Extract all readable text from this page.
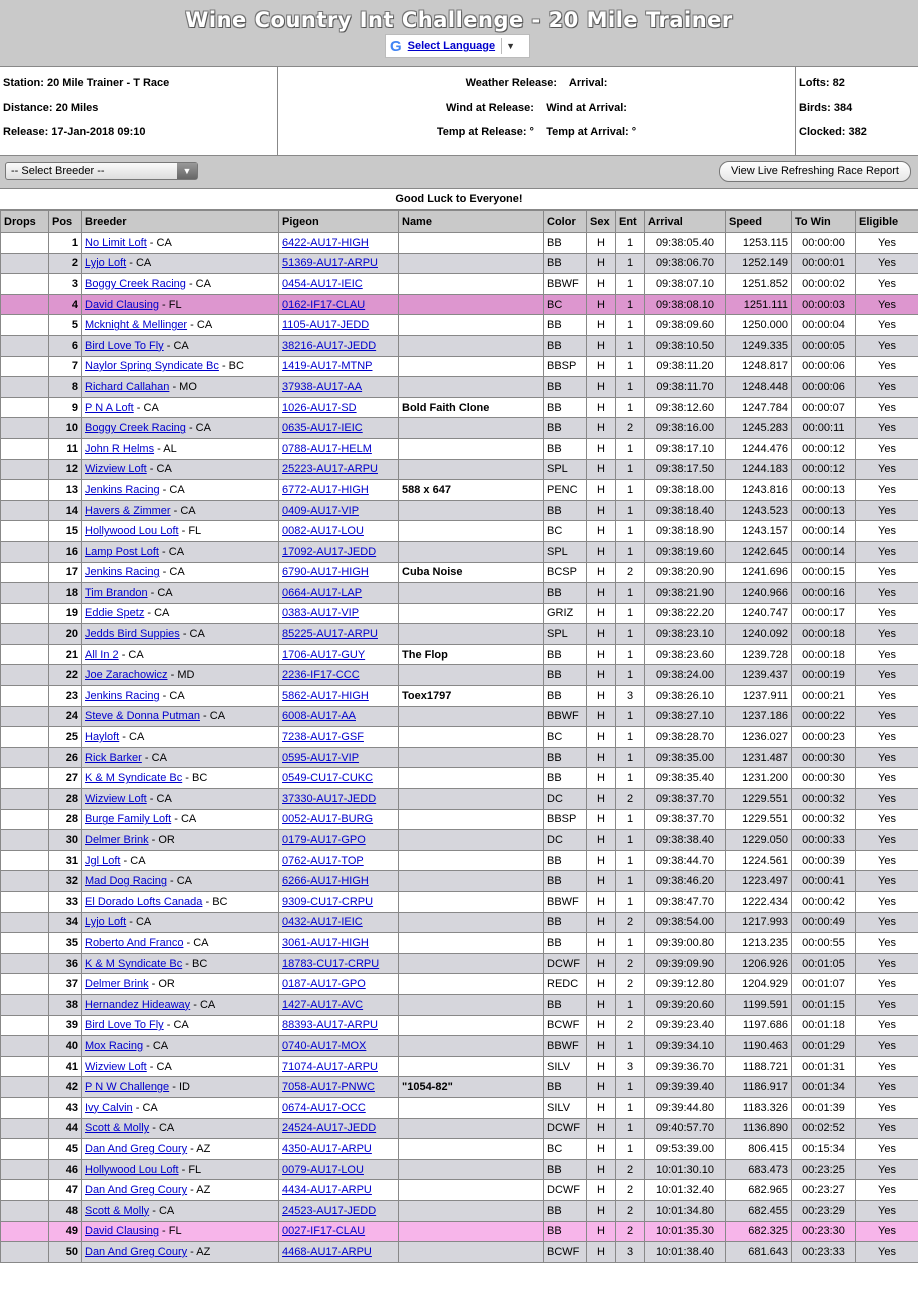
Wine Country Int Challenge - 20 Mile Trainer
G Select Language ▼
Station: 20 Mile Trainer - T Race
Distance: 20 Miles
Release: 17-Jan-2018 09:10
Weather Release: Arrival:
Wind at Release: Wind at Arrival:
Temp at Release: ° Temp at Arrival: °
Lofts: 82
Birds: 384
Clocked: 382
-- Select Breeder --	▼	View Live Refreshing Race Report
Good Luck to Everyone!
Drops	Pos	Breeder	Pigeon	Name	Color	Sex	Ent	Arrival	Speed	To Win	Eligible
	1	No Limit Loft - CA	6422-AU17-HIGH		BB	H	1	09:38:05.40	1253.115	00:00:00	Yes
	2	Lyjo Loft - CA	51369-AU17-ARPU		BB	H	1	09:38:06.70	1252.149	00:00:01	Yes
	3	Boggy Creek Racing - CA	0454-AU17-IEIC		BBWF	H	1	09:38:07.10	1251.852	00:00:02	Yes
	4	David Clausing - FL	0162-IF17-CLAU		BC	H	1	09:38:08.10	1251.111	00:00:03	Yes
	5	Mcknight & Mellinger - CA	1105-AU17-JEDD		BB	H	1	09:38:09.60	1250.000	00:00:04	Yes
	6	Bird Love To Fly - CA	38216-AU17-JEDD		BB	H	1	09:38:10.50	1249.335	00:00:05	Yes
	7	Naylor Spring Syndicate Bc - BC	1419-AU17-MTNP		BBSP	H	1	09:38:11.20	1248.817	00:00:06	Yes
	8	Richard Callahan - MO	37938-AU17-AA		BB	H	1	09:38:11.70	1248.448	00:00:06	Yes
	9	P N A Loft - CA	1026-AU17-SD	Bold Faith Clone	BB	H	1	09:38:12.60	1247.784	00:00:07	Yes
	10	Boggy Creek Racing - CA	0635-AU17-IEIC		BB	H	2	09:38:16.00	1245.283	00:00:11	Yes
	11	John R Helms - AL	0788-AU17-HELM		BB	H	1	09:38:17.10	1244.476	00:00:12	Yes
	12	Wizview Loft - CA	25223-AU17-ARPU		SPL	H	1	09:38:17.50	1244.183	00:00:12	Yes
	13	Jenkins Racing - CA	6772-AU17-HIGH	588 x 647	PENC	H	1	09:38:18.00	1243.816	00:00:13	Yes
	14	Havers & Zimmer - CA	0409-AU17-VIP		BB	H	1	09:38:18.40	1243.523	00:00:13	Yes
	15	Hollywood Lou Loft - FL	0082-AU17-LOU		BC	H	1	09:38:18.90	1243.157	00:00:14	Yes
	16	Lamp Post Loft - CA	17092-AU17-JEDD		SPL	H	1	09:38:19.60	1242.645	00:00:14	Yes
	17	Jenkins Racing - CA	6790-AU17-HIGH	Cuba Noise	BCSP	H	2	09:38:20.90	1241.696	00:00:15	Yes
	18	Tim Brandon - CA	0664-AU17-LAP		BB	H	1	09:38:21.90	1240.966	00:00:16	Yes
	19	Eddie Spetz - CA	0383-AU17-VIP		GRIZ	H	1	09:38:22.20	1240.747	00:00:17	Yes
	20	Jedds Bird Suppies - CA	85225-AU17-ARPU		SPL	H	1	09:38:23.10	1240.092	00:00:18	Yes
	21	All In 2 - CA	1706-AU17-GUY	The Flop	BB	H	1	09:38:23.60	1239.728	00:00:18	Yes
	22	Joe Zarachowicz - MD	2236-IF17-CCC		BB	H	1	09:38:24.00	1239.437	00:00:19	Yes
	23	Jenkins Racing - CA	5862-AU17-HIGH	Toex1797	BB	H	3	09:38:26.10	1237.911	00:00:21	Yes
	24	Steve & Donna Putman - CA	6008-AU17-AA		BBWF	H	1	09:38:27.10	1237.186	00:00:22	Yes
	25	Hayloft - CA	7238-AU17-GSF		BC	H	1	09:38:28.70	1236.027	00:00:23	Yes
	26	Rick Barker - CA	0595-AU17-VIP		BB	H	1	09:38:35.00	1231.487	00:00:30	Yes
	27	K & M Syndicate Bc - BC	0549-CU17-CUKC		BB	H	1	09:38:35.40	1231.200	00:00:30	Yes
	28	Wizview Loft - CA	37330-AU17-JEDD		DC	H	2	09:38:37.70	1229.551	00:00:32	Yes
	28	Burge Family Loft - CA	0052-AU17-BURG		BBSP	H	1	09:38:37.70	1229.551	00:00:32	Yes
	30	Delmer Brink - OR	0179-AU17-GPO		DC	H	1	09:38:38.40	1229.050	00:00:33	Yes
	31	Jgl Loft - CA	0762-AU17-TOP		BB	H	1	09:38:44.70	1224.561	00:00:39	Yes
	32	Mad Dog Racing - CA	6266-AU17-HIGH		BB	H	1	09:38:46.20	1223.497	00:00:41	Yes
	33	El Dorado Lofts Canada - BC	9309-CU17-CRPU		BBWF	H	1	09:38:47.70	1222.434	00:00:42	Yes
	34	Lyjo Loft - CA	0432-AU17-IEIC		BB	H	2	09:38:54.00	1217.993	00:00:49	Yes
	35	Roberto And Franco - CA	3061-AU17-HIGH		BB	H	1	09:39:00.80	1213.235	00:00:55	Yes
	36	K & M Syndicate Bc - BC	18783-CU17-CRPU		DCWF	H	2	09:39:09.90	1206.926	00:01:05	Yes
	37	Delmer Brink - OR	0187-AU17-GPO		REDC	H	2	09:39:12.80	1204.929	00:01:07	Yes
	38	Hernandez Hideaway - CA	1427-AU17-AVC		BB	H	1	09:39:20.60	1199.591	00:01:15	Yes
	39	Bird Love To Fly - CA	88393-AU17-ARPU		BCWF	H	2	09:39:23.40	1197.686	00:01:18	Yes
	40	Mox Racing - CA	0740-AU17-MOX		BBWF	H	1	09:39:34.10	1190.463	00:01:29	Yes
	41	Wizview Loft - CA	71074-AU17-ARPU		SILV	H	3	09:39:36.70	1188.721	00:01:31	Yes
	42	P N W Challenge - ID	7058-AU17-PNWC	"1054-82"	BB	H	1	09:39:39.40	1186.917	00:01:34	Yes
	43	Ivy Calvin - CA	0674-AU17-OCC		SILV	H	1	09:39:44.80	1183.326	00:01:39	Yes
	44	Scott & Molly - CA	24524-AU17-JEDD		DCWF	H	1	09:40:57.70	1136.890	00:02:52	Yes
	45	Dan And Greg Coury - AZ	4350-AU17-ARPU		BC	H	1	09:53:39.00	806.415	00:15:34	Yes
	46	Hollywood Lou Loft - FL	0079-AU17-LOU		BB	H	2	10:01:30.10	683.473	00:23:25	Yes
	47	Dan And Greg Coury - AZ	4434-AU17-ARPU		DCWF	H	2	10:01:32.40	682.965	00:23:27	Yes
	48	Scott & Molly - CA	24523-AU17-JEDD		BB	H	2	10:01:34.80	682.455	00:23:29	Yes
	49	David Clausing - FL	0027-IF17-CLAU		BB	H	2	10:01:35.30	682.325	00:23:30	Yes
	50	Dan And Greg Coury - AZ	4468-AU17-ARPU		BCWF	H	3	10:01:38.40	681.643	00:23:33	Yes
